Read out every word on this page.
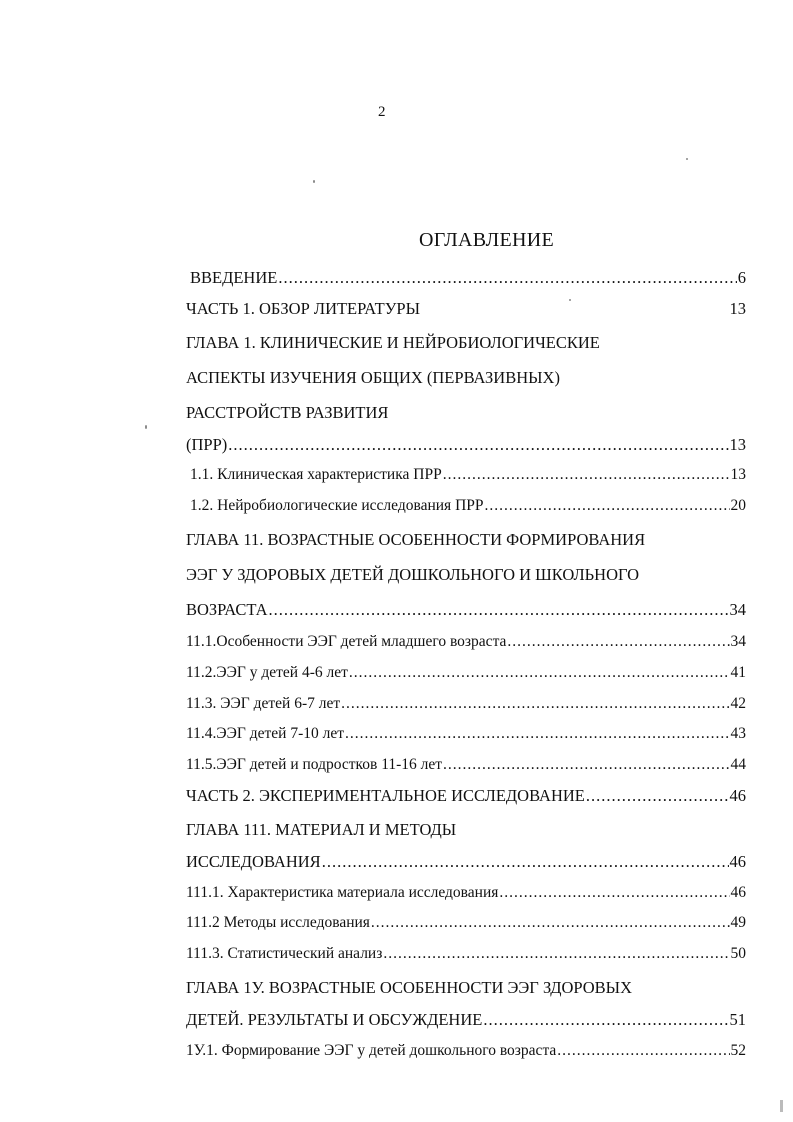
2
ОГЛАВЛЕНИЕ
ВВЕДЕНИЕ .....	6
ЧАСТЬ 1. ОБЗОР ЛИТЕРАТУРЫ	13
ГЛАВА 1. КЛИНИЧЕСКИЕ И НЕЙРОБИОЛОГИЧЕСКИЕ
АСПЕКТЫ ИЗУЧЕНИЯ ОБЩИХ (ПЕРВАЗИВНЫХ)
РАССТРОЙСТВ РАЗВИТИЯ
(ПРР) .....	13
1.1. Клиническая характеристика ПРР .....	13
1.2. Нейробиологические исследования ПРР .....	20
ГЛАВА 11. ВОЗРАСТНЫЕ ОСОБЕННОСТИ ФОРМИРОВАНИЯ
ЭЭГ У ЗДОРОВЫХ ДЕТЕЙ ДОШКОЛЬНОГО И ШКОЛЬНОГО
ВОЗРАСТА .....	34
11.1.Особенности ЭЭГ детей младшего возраста .....	34
11.2.ЭЭГ у детей 4-6 лет .....	41
11.3. ЭЭГ детей 6-7 лет .....	42
11.4.ЭЭГ детей 7-10 лет .....	43
11.5.ЭЭГ детей и подростков 11-16 лет .....	44
ЧАСТЬ 2. ЭКСПЕРИМЕНТАЛЬНОЕ ИССЛЕДОВАНИЕ .....	46
ГЛАВА 111. МАТЕРИАЛ И МЕТОДЫ
ИССЛЕДОВАНИЯ .....	46
111.1. Характеристика материала исследования .....	46
111.2 Методы исследования .....	49
111.3. Статистический анализ .....	50
ГЛАВА 1У. ВОЗРАСТНЫЕ ОСОБЕННОСТИ ЭЭГ ЗДОРОВЫХ
ДЕТЕЙ. РЕЗУЛЬТАТЫ И ОБСУЖДЕНИЕ .....	51
1У.1. Формирование ЭЭГ у детей дошкольного возраста .....	52
